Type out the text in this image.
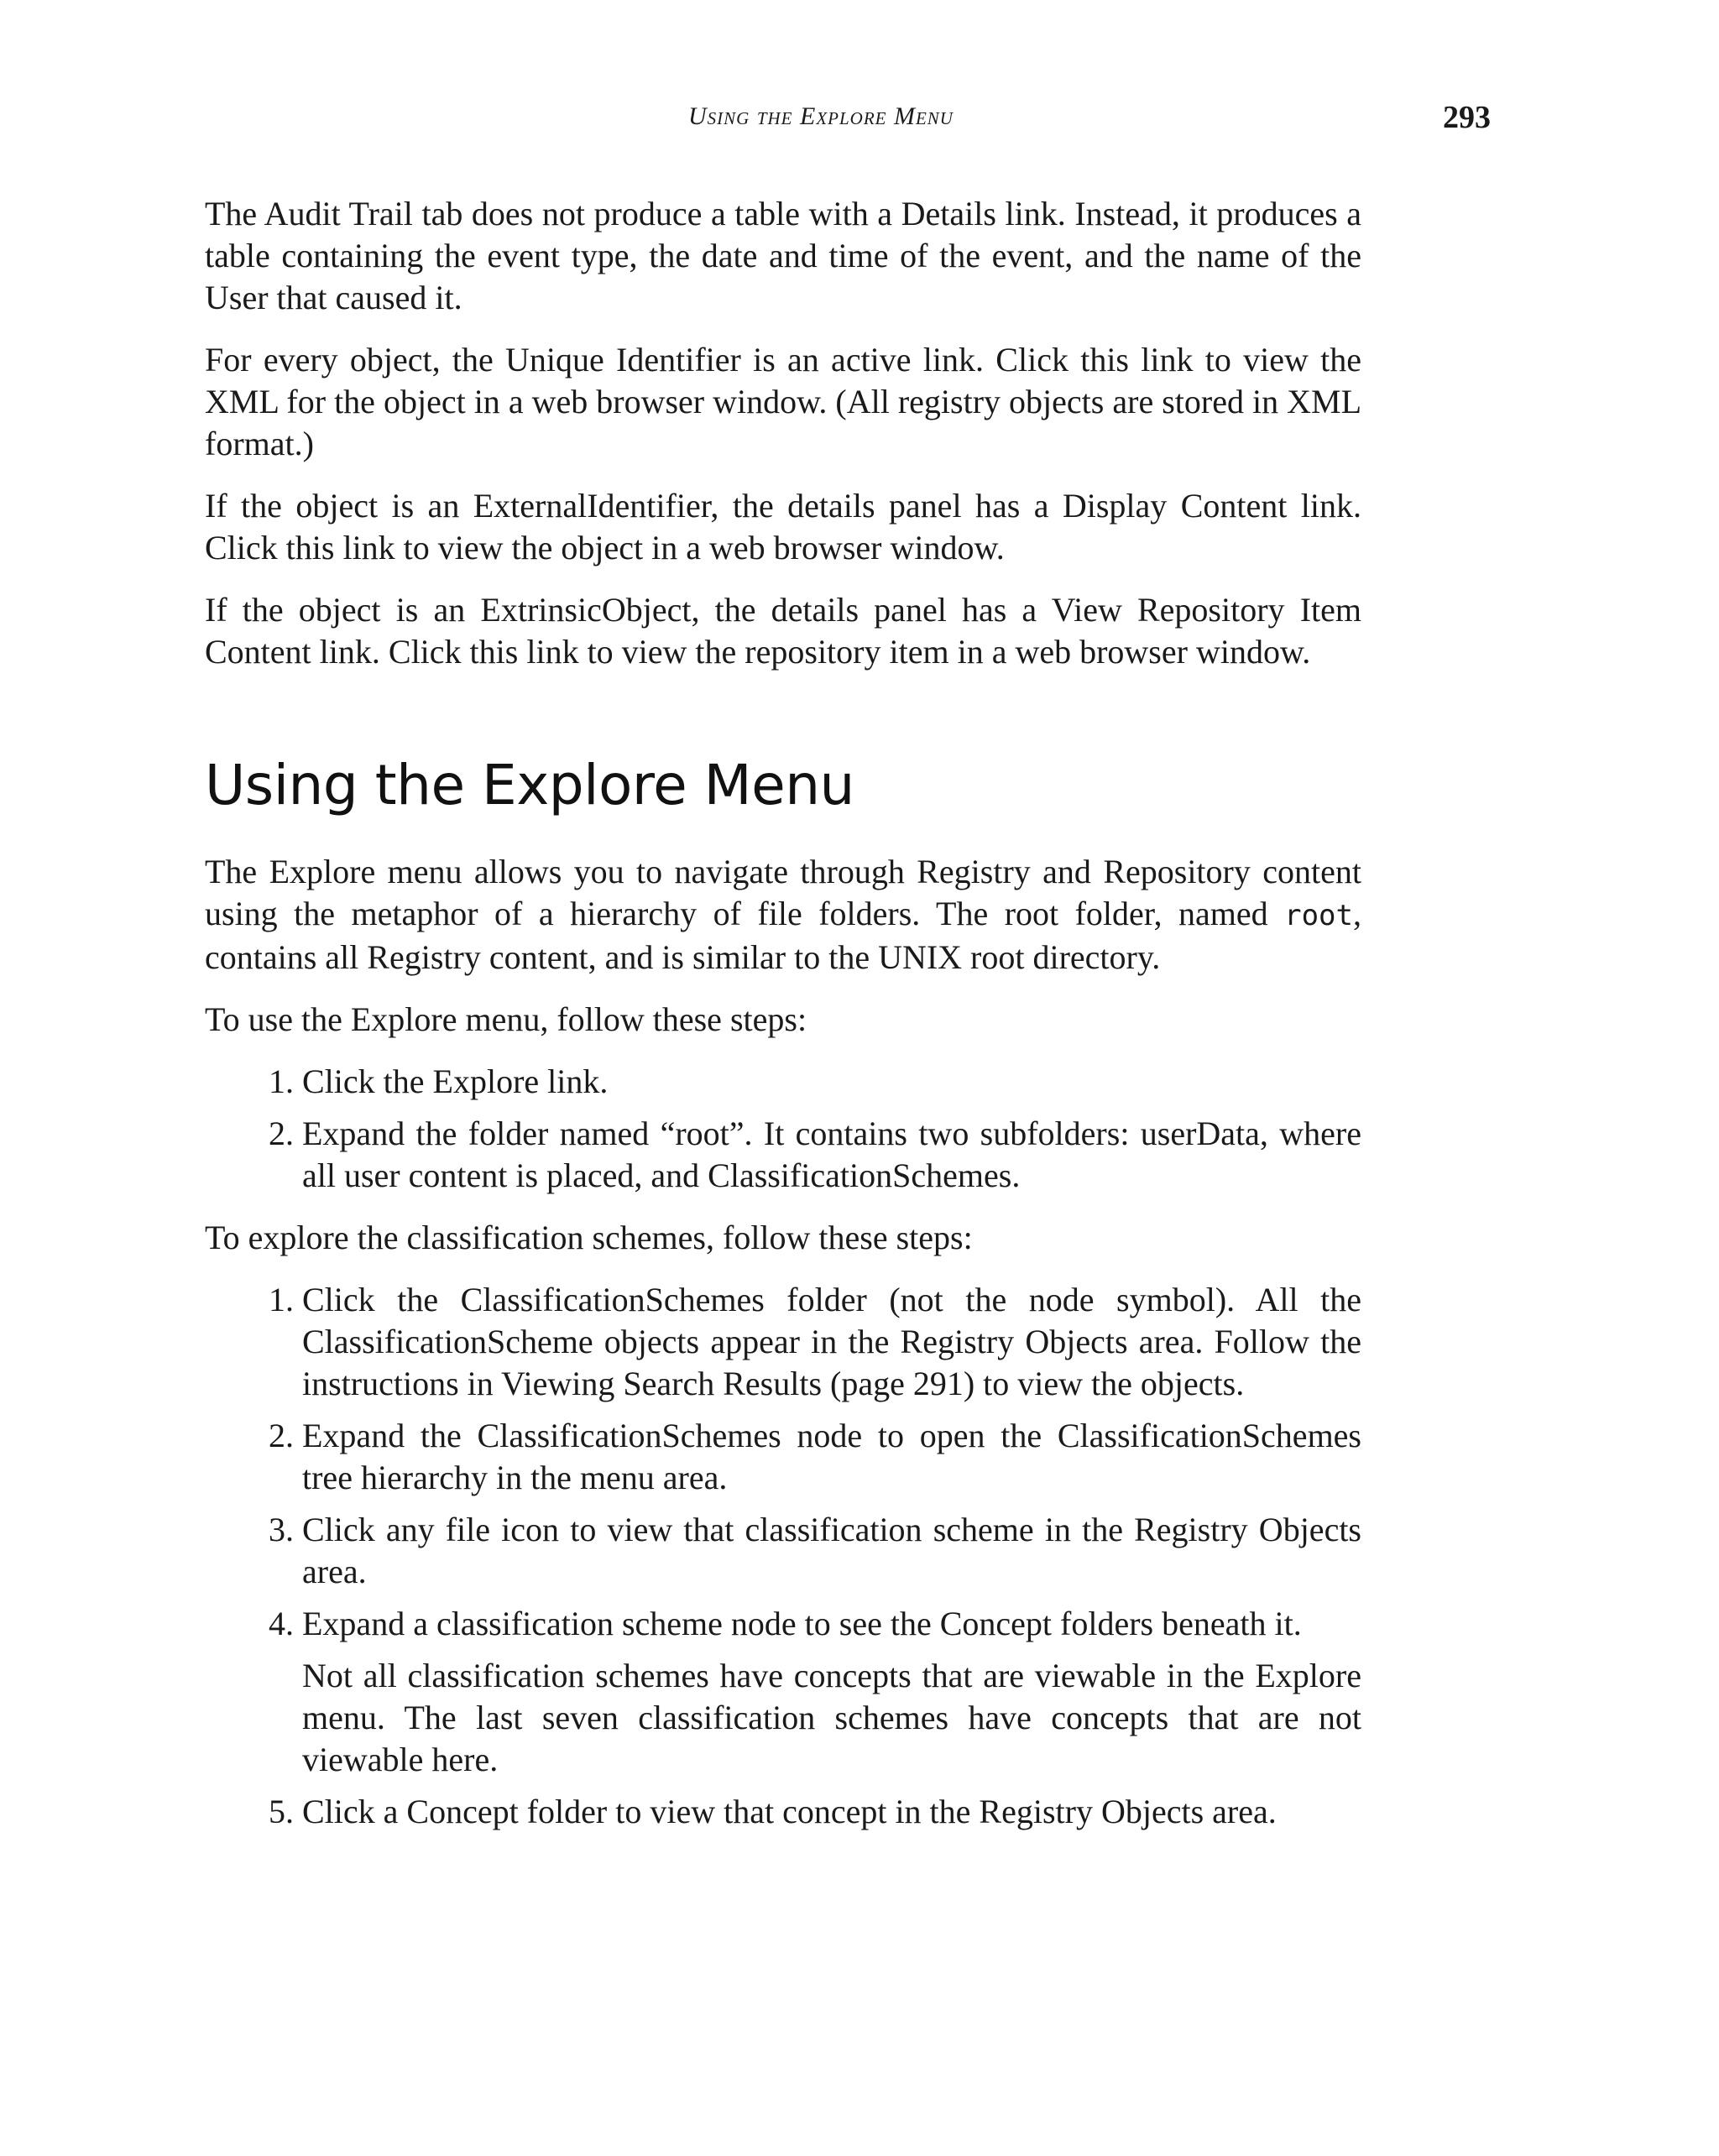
Using the Explore Menu	293

The Audit Trail tab does not produce a table with a Details link. Instead, it produces a table containing the event type, the date and time of the event, and the name of the User that caused it.

For every object, the Unique Identifier is an active link. Click this link to view the XML for the object in a web browser window. (All registry objects are stored in XML format.)

If the object is an ExternalIdentifier, the details panel has a Display Content link. Click this link to view the object in a web browser window.

If the object is an ExtrinsicObject, the details panel has a View Repository Item Content link. Click this link to view the repository item in a web browser window.

Using the Explore Menu

The Explore menu allows you to navigate through Registry and Repository content using the metaphor of a hierarchy of file folders. The root folder, named root, contains all Registry content, and is similar to the UNIX root directory.

To use the Explore menu, follow these steps:

1. Click the Explore link.
2. Expand the folder named “root”. It contains two subfolders: userData, where all user content is placed, and ClassificationSchemes.

To explore the classification schemes, follow these steps:

1. Click the ClassificationSchemes folder (not the node symbol). All the ClassificationScheme objects appear in the Registry Objects area. Follow the instructions in Viewing Search Results (page 291) to view the objects.
2. Expand the ClassificationSchemes node to open the ClassificationSchemes tree hierarchy in the menu area.
3. Click any file icon to view that classification scheme in the Registry Objects area.

4. Expand a classification scheme node to see the Concept folders beneath it.

Not all classification schemes have concepts that are viewable in the Explore menu. The last seven classification schemes have concepts that are not viewable here.

5. Click a Concept folder to view that concept in the Registry Objects area.
